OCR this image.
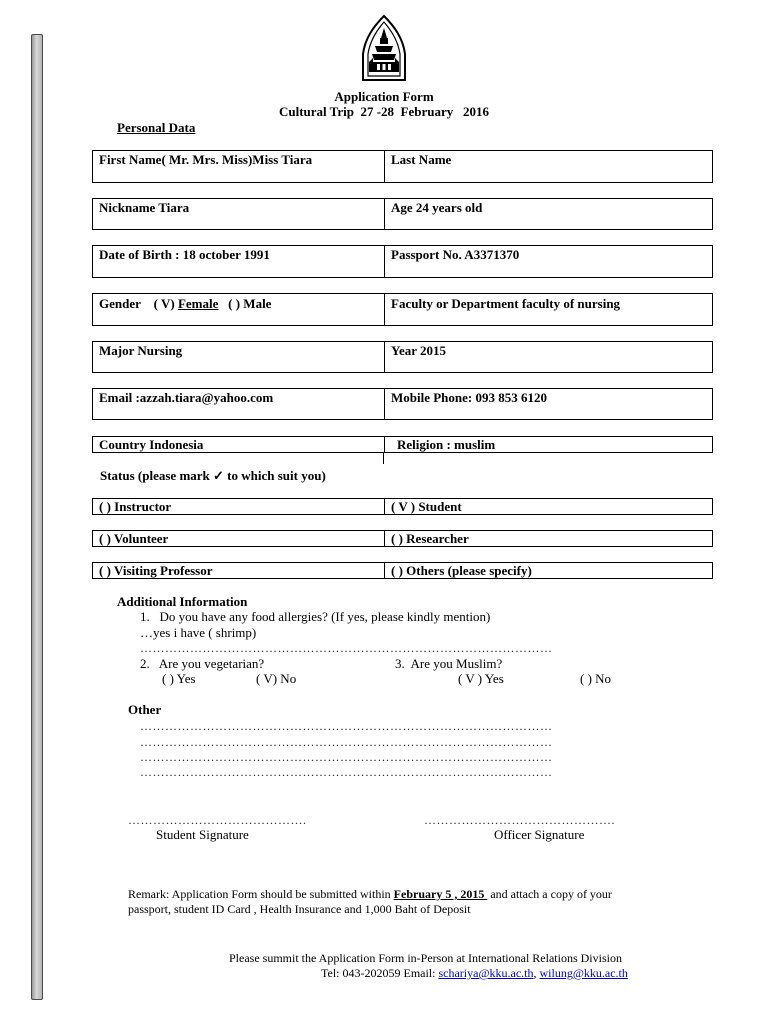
Application Form
Cultural Trip  27 -28  February   2016
Personal Data
First Name( Mr. Mrs. Miss)Miss Tiara	Last Name
Nickname Tiara	Age 24 years old
Date of Birth : 18 october 1991	Passport No. A3371370
Gender    ( V) Female   ( ) Male	Faculty or Department faculty of nursing
Major Nursing	Year 2015
Email :azzah.tiara@yahoo.com	Mobile Phone: 093 853 6120
Country Indonesia	Religion : muslim
Status (please mark ✓ to which suit you)
( ) Instructor	( V ) Student
( ) Volunteer	( ) Researcher
( ) Visiting Professor	( ) Others (please specify)
Additional Information
1.   Do you have any food allergies? (If yes, please kindly mention)
…yes i have ( shrimp)
………………………………………………………………………………………
2.   Are you vegetarian?
( ) Yes	( V) No
3.  Are you Muslim?
( V ) Yes	( ) No
Other
………………………………………………………………………………………
………………………………………………………………………………………
………………………………………………………………………………………
………………………………………………………………………………………
…………………………………….
Student Signature
……………………………………….
Officer Signature
Remark: Application Form should be submitted within February 5 , 2015  and attach a copy of your
passport, student ID Card , Health Insurance and 1,000 Baht of Deposit
Please summit the Application Form in-Person at International Relations Division
Tel: 043-202059 Email: schariya@kku.ac.th, wilung@kku.ac.th
